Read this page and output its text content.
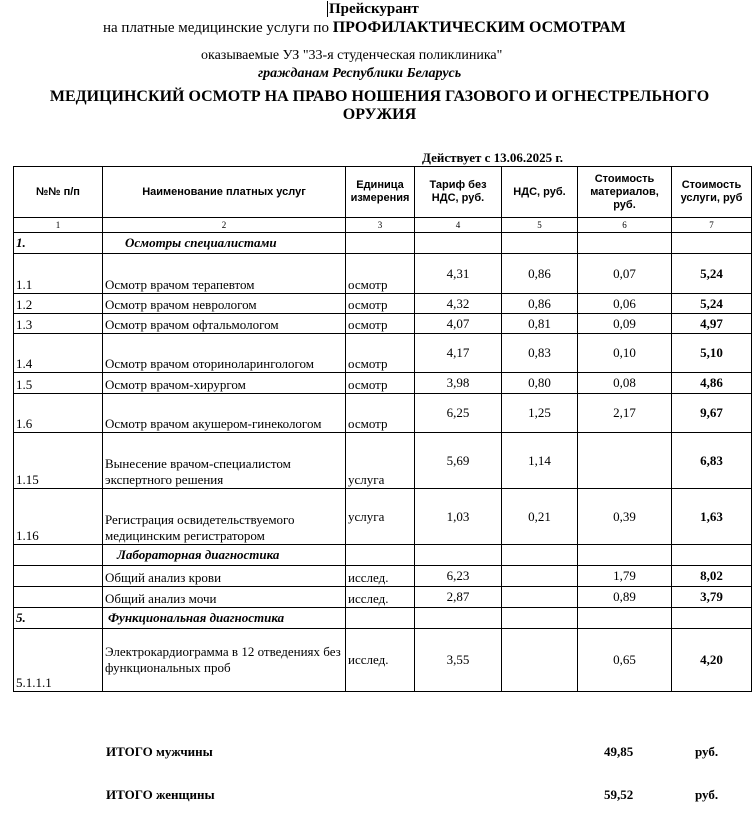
Прейскурант
на платные медицинские услуги по ПРОФИЛАКТИЧЕСКИМ ОСМОТРАМ
оказываемые УЗ "33-я студенческая поликлиника"
гражданам Республики Беларусь
МЕДИЦИНСКИЙ ОСМОТР НА ПРАВО НОШЕНИЯ ГАЗОВОГО И ОГНЕСТРЕЛЬНОГО ОРУЖИЯ
Действует с 13.06.2025 г.
№№ п/п	Наименование платных услуг	Единица измерения	Тариф без НДС, руб.	НДС, руб.	Стоимость материалов, руб.	Стоимость услуги, руб
1	2	3	4	5	6	7
1.	Осмотры специалистами					
1.1	Осмотр врачом терапевтом	осмотр	4,31	0,86	0,07	5,24
1.2	Осмотр врачом неврологом	осмотр	4,32	0,86	0,06	5,24
1.3	Осмотр врачом офтальмологом	осмотр	4,07	0,81	0,09	4,97
1.4	Осмотр врачом оториноларингологом	осмотр	4,17	0,83	0,10	5,10
1.5	Осмотр врачом-хирургом	осмотр	3,98	0,80	0,08	4,86
1.6	Осмотр врачом акушером-гинекологом	осмотр	6,25	1,25	2,17	9,67
1.15	Вынесение врачом-специалистом экспертного решения	услуга	5,69	1,14		6,83
1.16	Регистрация освидетельствуемого медицинским регистратором	услуга	1,03	0,21	0,39	1,63
	Лабораторная диагностика					
	Общий анализ крови	исслед.	6,23		1,79	8,02
	Общий анализ мочи	исслед.	2,87		0,89	3,79
5.	Функциональная диагностика					
5.1.1.1	Электрокардиограмма в 12 отведениях без функциональных проб	исслед.	3,55		0,65	4,20
ИТОГО мужчины	49,85	руб.
ИТОГО женщины	59,52	руб.
